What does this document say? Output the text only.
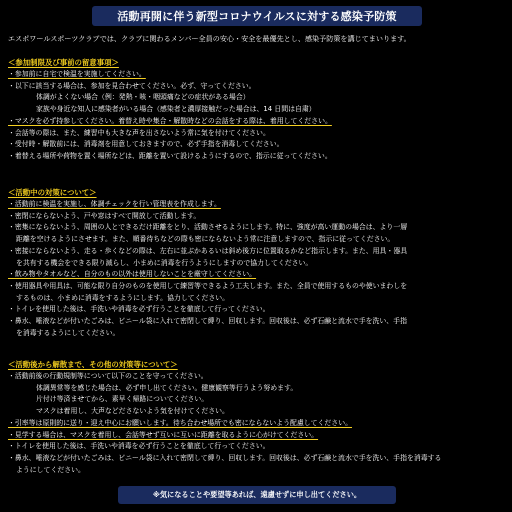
活動再開に伴う新型コロナウイルスに対する感染予防策
エスポワールスポーツクラブでは、クラブに関わるメンバー全員の安心・安全を最優先とし、感染予防策を講じてまいります。
＜参加制限及び事前の留意事項＞
・参加前に自宅で検温を実施してください。
・以下に該当する場合は、参加を見合わせてください。必ず、守ってください。
体調がよくない場合（例：発熱・咳・咽頭痛などの症状がある場合）
家族や身近な知人に感染者がいる場合（感染者と濃厚接触だった場合は、14 日間は自粛）
・マスクを必ず持参してください。着替え時や集合・解散時などの会話をする際は、着用してください。
・会話等の際は、また、練習中も大きな声を出さないよう常に気を付けてください。
・受付時・解散前には、消毒剤を用意しておきますので、必ず手指を消毒してください。
・着替える場所や荷物を置く場所などは、距離を置いて設けるようにするので、指示に従ってください。
＜活動中の対策について＞
・活動前に検温を実施し、体調チェックを行い管理表を作成します。
・密閉にならないよう、戸や窓はすべて開放して活動します。
・密集にならないよう、周囲の人とできるだけ距離をとり、活動させるようにします。特に、強度が高い運動の場合は、より一層
距離を空けるようにさせます。また、順番待ちなどの際も密にならないよう常に注意しますので、指示に従ってください。
・密接にならないよう、走る・歩くなどの際は、左右に並ぶかあるいは斜め後方に位置取るかなど指示します。また、用具・器具
を共有する機会をできる限り減らし、小まめに消毒を行うようにしますので協力してください。
・飲み物やタオルなど、自分のもの以外は使用しないことを厳守してください。
・使用器具や用具は、可能な限り自分のものを使用して練習等できるよう工夫します。また、全員で使用するものや使いまわしを
するものは、小まめに消毒をするようにします。協力してください。
・トイレを使用した後は、手洗いや消毒を必ず行うことを徹底して行ってください。
・鼻水、唾液などが付いたごみは、ビニール袋に入れて密閉して縛り、回収します。回収後は、必ず石鹸と流水で手を洗い、手指
を消毒するようにしてください。
＜活動後から解散まで、その他の対策等について＞
・活動前後の行動規制等について以下のことを守ってください。
体調異常等を感じた場合は、必ず申し出てください。健康観察等行うよう努めます。
片付け等済ませてから、素早く帰路についてください。
マスクは着用し、大声などださないよう気を付けてください。
・引率等は原則的に送り・迎え中心にお願いします。待ち合わせ場所でも密にならないよう配慮してください。
・見学する場合は、マスクを着用し、会話等せず互いに互いに距離を取るように心がけてください。
・トイレを使用した後は、手洗いや消毒を必ず行うことを徹底して行ってください。
・鼻水、唾液などが付いたごみは、ビニール袋に入れて密閉して縛り、回収します。回収後は、必ず石鹸と流水で手を洗い、手指を消毒する
ようにしてください。
※気になることや要望等あれば、遠慮せずに申し出てください。
